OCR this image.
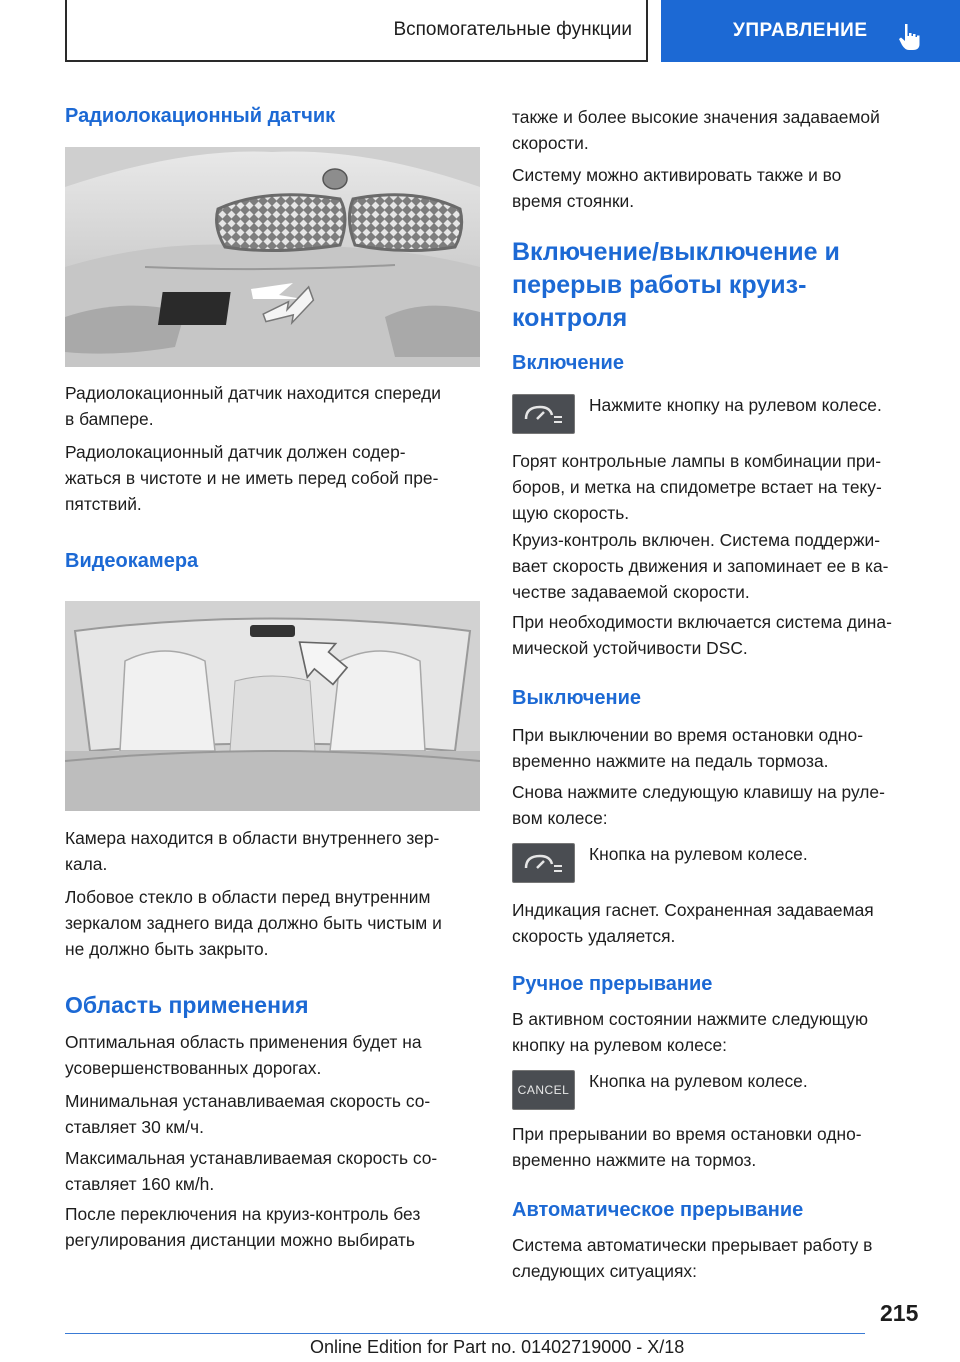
Вспомогательные функции	УПРАВЛЕНИЕ
Радиолокационный датчик
Радиолокационный датчик находится спереди
в бампере.
Радиолокационный датчик должен содер-
жаться в чистоте и не иметь перед собой пре-
пятствий.
Видеокамера
Камера находится в области внутреннего зер-
кала.
Лобовое стекло в области перед внутренним
зеркалом заднего вида должно быть чистым и
не должно быть закрыто.
Область применения
Оптимальная область применения будет на
усовершенствованных дорогах.
Минимальная устанавливаемая скорость со-
ставляет 30 км/ч.
Максимальная устанавливаемая скорость со-
ставляет 160 км/h.
После переключения на круиз-контроль без
регулирования дистанции можно выбирать
также и более высокие значения задаваемой
скорости.
Систему можно активировать также и во
время стоянки.
Включение/выключение и
перерыв работы круиз-
контроля
Включение
Нажмите кнопку на рулевом колесе.
Горят контрольные лампы в комбинации при-
боров, и метка на спидометре встает на теку-
щую скорость.
Круиз-контроль включен. Система поддержи-
вает скорость движения и запоминает ее в ка-
честве задаваемой скорости.
При необходимости включается система дина-
мической устойчивости DSC.
Выключение
При выключении во время остановки одно-
временно нажмите на педаль тормоза.
Снова нажмите следующую клавишу на руле-
вом колесе:
Кнопка на рулевом колесе.
Индикация гаснет. Сохраненная задаваемая
скорость удаляется.
Ручное прерывание
В активном состоянии нажмите следующую
кнопку на рулевом колесе:
CANCEL Кнопка на рулевом колесе.
При прерывании во время остановки одно-
временно нажмите на тормоз.
Автоматическое прерывание
Система автоматически прерывает работу в
следующих ситуациях:
215
Online Edition for Part no. 01402719000 - X/18
